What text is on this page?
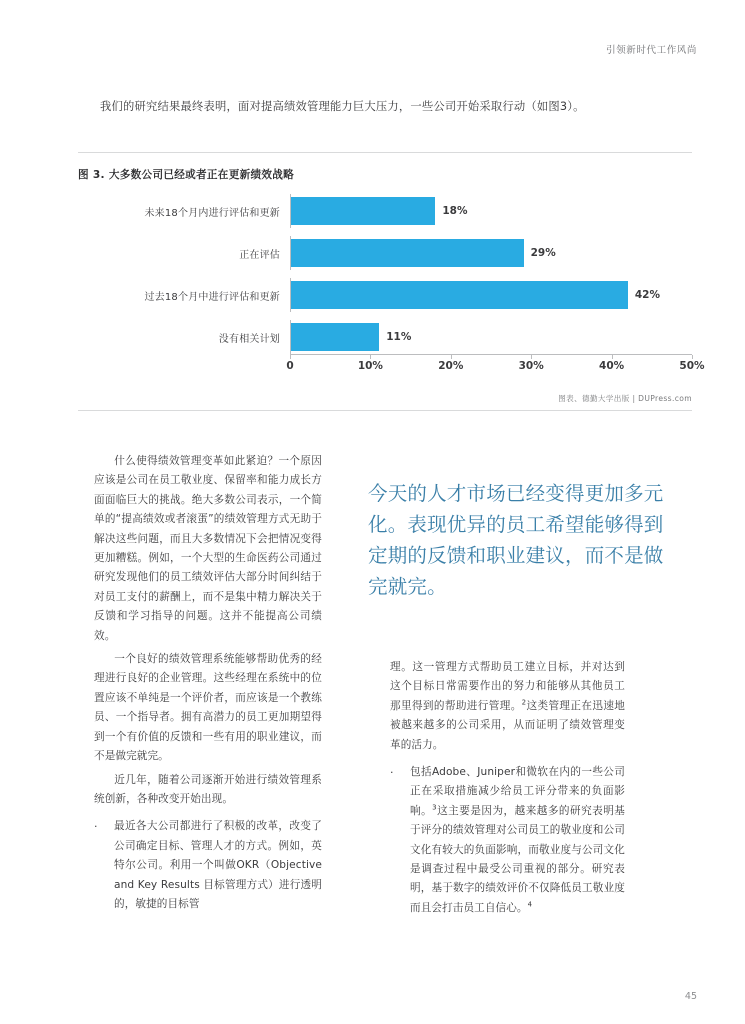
引领新时代工作风尚
我们的研究结果最终表明，面对提高绩效管理能力巨大压力，一些公司开始采取行动（如图3）。
图 3. 大多数公司已经或者正在更新绩效战略
未来18个月内进行评估和更新	18%
正在评估	29%
过去18个月中进行评估和更新	42%
没有相关计划	11%
0	10%	20%	30%	40%	50%
图表、德勤大学出版 | DUPress.com
什么使得绩效管理变革如此紧迫？一个原因应该是公司在员工敬业度、保留率和能力成长方面面临巨大的挑战。绝大多数公司表示，一个简单的“提高绩效或者滚蛋”的绩效管理方式无助于解决这些问题，而且大多数情况下会把情况变得更加糟糕。例如，一个大型的生命医药公司通过研究发现他们的员工绩效评估大部分时间纠结于对员工支付的薪酬上，而不是集中精力解决关于反馈和学习指导的问题。这并不能提高公司绩效。
一个良好的绩效管理系统能够帮助优秀的经理进行良好的企业管理。这些经理在系统中的位置应该不单纯是一个评价者，而应该是一个教练员、一个指导者。拥有高潜力的员工更加期望得到一个有价值的反馈和一些有用的职业建议，而不是做完就完。
近几年，随着公司逐渐开始进行绩效管理系统创新，各种改变开始出现。
·	最近各大公司都进行了积极的改革，改变了公司确定目标、管理人才的方式。例如，英特尔公司。利用一个叫做OKR（Objective and Key Results 目标管理方式）进行透明的，敏捷的目标管
今天的人才市场已经变得更加多元化。表现优异的员工希望能够得到定期的反馈和职业建议，而不是做完就完。
理。这一管理方式帮助员工建立目标，并对达到这个目标日常需要作出的努力和能够从其他员工那里得到的帮助进行管理。$^2$这类管理正在迅速地被越来越多的公司采用，从而证明了绩效管理变革的活力。
·	包括Adobe、Juniper和微软在内的一些公司正在采取措施减少给员工评分带来的负面影响。$^3$这主要是因为，越来越多的研究表明基于评分的绩效管理对公司员工的敬业度和公司文化有较大的负面影响，而敬业度与公司文化是调查过程中最受公司重视的部分。研究表明，基于数字的绩效评价不仅降低员工敬业度而且会打击员工自信心。$^4$
45
